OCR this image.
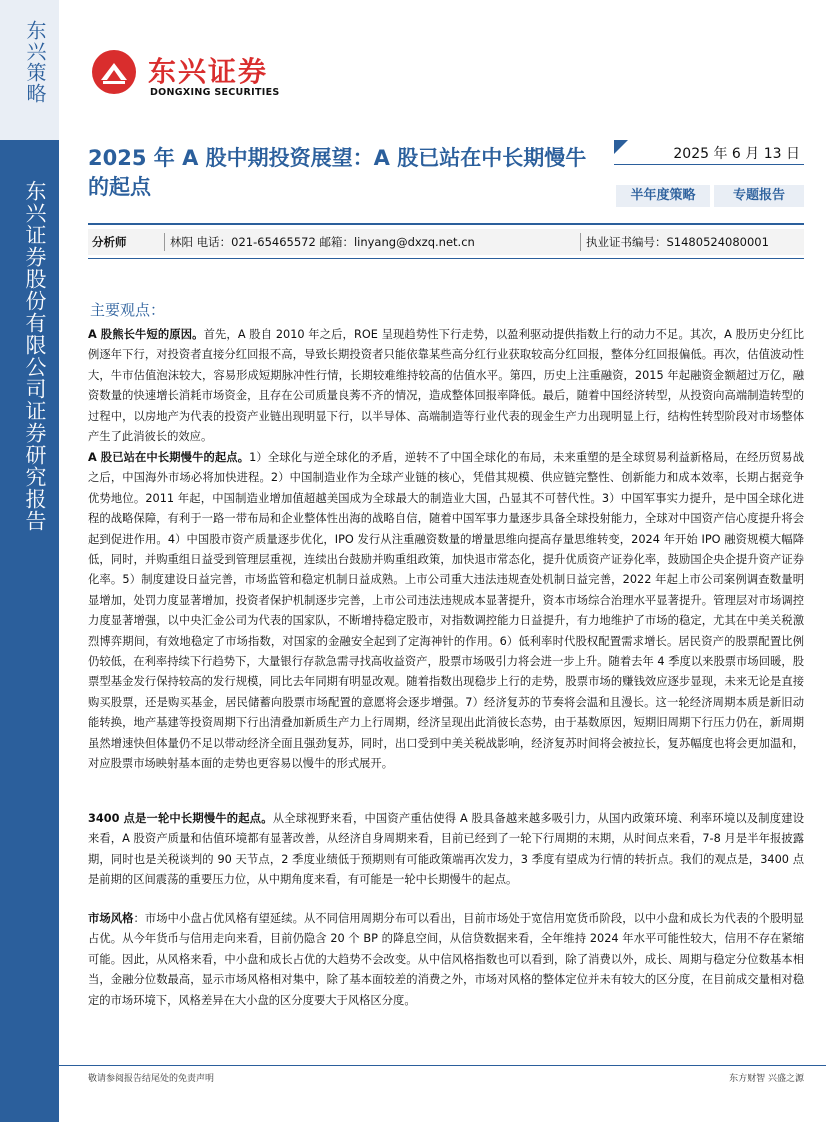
东兴策略
东兴证券股份有限公司证券研究报告
东兴证券
DONGXING SECURITIES
2025 年 A 股中期投资展望：A 股已站在中长期慢牛的起点
2025 年 6 月 13 日
半年度策略	专题报告
分析师	林阳 电话：021-65465572 邮箱：linyang@dxzq.net.cn	执业证书编号：S1480524080001
主要观点：

A 股熊长牛短的原因。首先，A 股自 2010 年之后，ROE 呈现趋势性下行走势，以盈利驱动提供指数上行的动力不足。其次，A 股历史分红比例逐年下行，对投资者直接分红回报不高，导致长期投资者只能依靠某些高分红行业获取较高分红回报，整体分红回报偏低。再次，估值波动性大，牛市估值泡沫较大，容易形成短期脉冲性行情，长期较难维持较高的估值水平。第四，历史上注重融资，2015 年起融资金额超过万亿，融资数量的快速增长消耗市场资金，且存在公司质量良莠不齐的情况，造成整体回报率降低。最后，随着中国经济转型，从投资向高端制造转型的过程中，以房地产为代表的投资产业链出现明显下行，以半导体、高端制造等行业代表的现金生产力出现明显上行，结构性转型阶段对市场整体产生了此消彼长的效应。

A 股已站在中长期慢牛的起点。1）全球化与逆全球化的矛盾，逆转不了中国全球化的布局，未来重塑的是全球贸易利益新格局，在经历贸易战之后，中国海外市场必将加快进程。2）中国制造业作为全球产业链的核心，凭借其规模、供应链完整性、创新能力和成本效率，长期占据竞争优势地位。2011 年起，中国制造业增加值超越美国成为全球最大的制造业大国，凸显其不可替代性。3）中国军事实力提升，是中国全球化进程的战略保障，有利于一路一带布局和企业整体性出海的战略自信，随着中国军事力量逐步具备全球投射能力，全球对中国资产信心度提升将会起到促进作用。4）中国股市资产质量逐步优化，IPO 发行从注重融资数量的增量思维向提高存量思维转变，2024 年开始 IPO 融资规模大幅降低，同时，并购重组日益受到管理层重视，连续出台鼓励并购重组政策，加快退市常态化，提升优质资产证券化率，鼓励国企央企提升资产证券化率。5）制度建设日益完善，市场监管和稳定机制日益成熟。上市公司重大违法违规查处机制日益完善，2022 年起上市公司案例调查数量明显增加，处罚力度显著增加，投资者保护机制逐步完善，上市公司违法违规成本显著提升，资本市场综合治理水平显著提升。管理层对市场调控力度显著增强，以中央汇金公司为代表的国家队，不断增持稳定股市，对指数调控能力日益提升，有力地维护了市场的稳定，尤其在中美关税激烈博弈期间，有效地稳定了市场指数，对国家的金融安全起到了定海神针的作用。6）低利率时代股权配置需求增长。居民资产的股票配置比例仍较低，在利率持续下行趋势下，大量银行存款急需寻找高收益资产，股票市场吸引力将会进一步上升。随着去年 4 季度以来股票市场回暖，股票型基金发行保持较高的发行规模，同比去年同期有明显改观。随着指数出现稳步上行的走势，股票市场的赚钱效应逐步显现，未来无论是直接购买股票，还是购买基金，居民储蓄向股票市场配置的意愿将会逐步增强。7）经济复苏的节奏将会温和且漫长。这一轮经济周期本质是新旧动能转换，地产基建等投资周期下行出清叠加新质生产力上行周期，经济呈现出此消彼长态势，由于基数原因，短期旧周期下行压力仍在，新周期虽然增速快但体量仍不足以带动经济全面且强劲复苏，同时，出口受到中美关税战影响，经济复苏时间将会被拉长，复苏幅度也将会更加温和，对应股票市场映射基本面的走势也更容易以慢牛的形式展开。

3400 点是一轮中长期慢牛的起点。从全球视野来看，中国资产重估使得 A 股具备越来越多吸引力，从国内政策环境、利率环境以及制度建设来看，A 股资产质量和估值环境都有显著改善，从经济自身周期来看，目前已经到了一轮下行周期的末期，从时间点来看，7-8 月是半年报披露期，同时也是关税谈判的 90 天节点，2 季度业绩低于预期则有可能政策端再次发力，3 季度有望成为行情的转折点。我们的观点是，3400 点是前期的区间震荡的重要压力位，从中期角度来看，有可能是一轮中长期慢牛的起点。

市场风格：市场中小盘占优风格有望延续。从不同信用周期分布可以看出，目前市场处于宽信用宽货币阶段，以中小盘和成长为代表的个股明显占优。从今年货币与信用走向来看，目前仍隐含 20 个 BP 的降息空间，从信贷数据来看，全年维持 2024 年水平可能性较大，信用不存在紧缩可能。因此，从风格来看，中小盘和成长占优的大趋势不会改变。从中信风格指数也可以看到，除了消费以外，成长、周期与稳定分位数基本相当，金融分位数最高，显示市场风格相对集中，除了基本面较差的消费之外，市场对风格的整体定位并未有较大的区分度，在目前成交量相对稳定的市场环境下，风格差异在大小盘的区分度要大于风格区分度。

敬请参阅报告结尾处的免责声明	东方财智 兴盛之源
